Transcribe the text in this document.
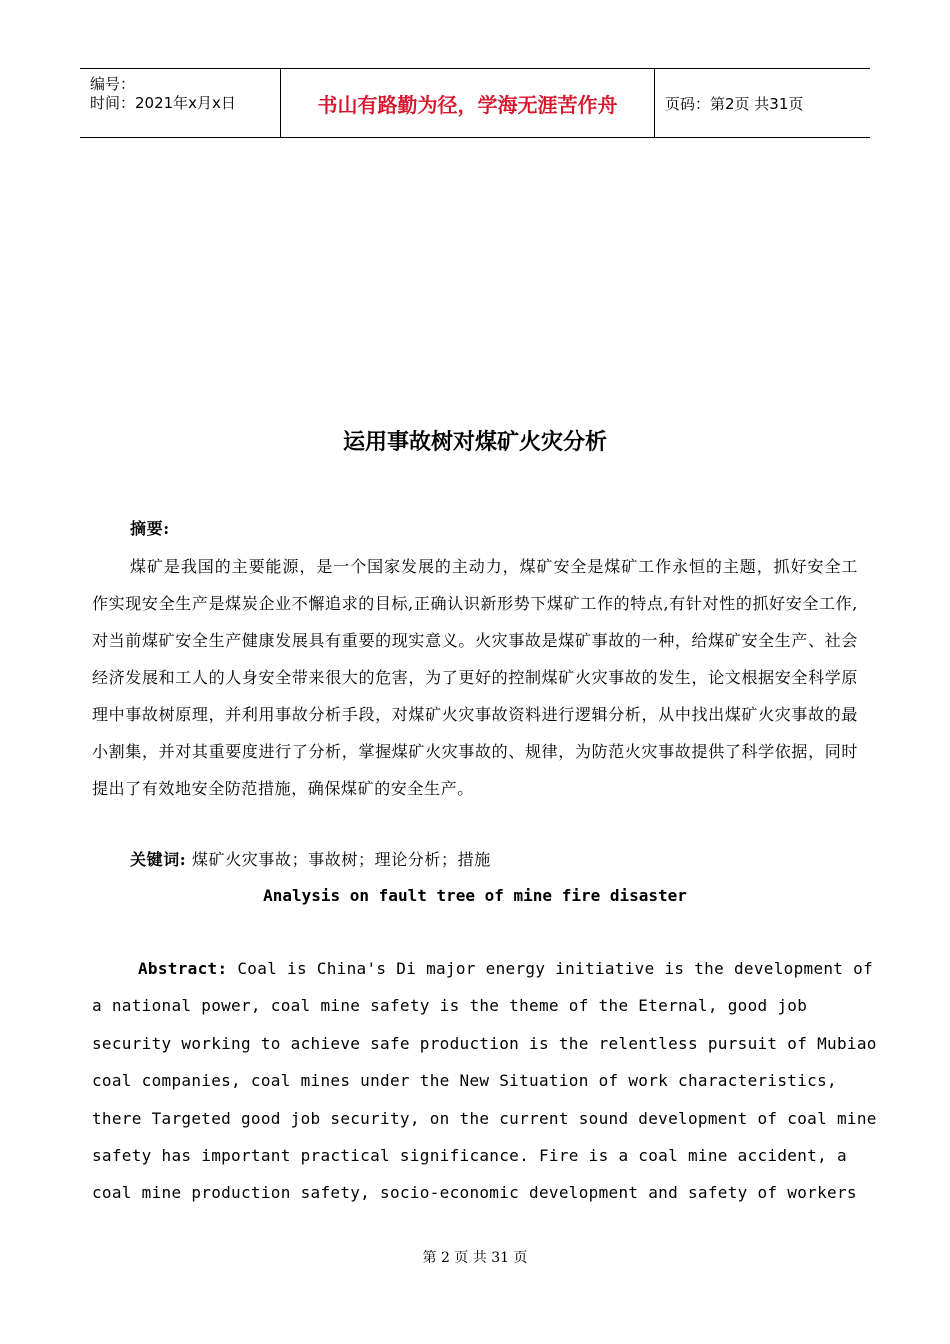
编号：
时间：2021年x月x日	书山有路勤为径，学海无涯苦作舟	页码：第2页 共31页
运用事故树对煤矿火灾分析
摘要:
煤矿是我国的主要能源，是一个国家发展的主动力，煤矿安全是煤矿工作永恒的主题，抓好安全工作实现安全生产是煤炭企业不懈追求的目标,正确认识新形势下煤矿工作的特点,有针对性的抓好安全工作,对当前煤矿安全生产健康发展具有重要的现实意义。火灾事故是煤矿事故的一种，给煤矿安全生产、社会经济发展和工人的人身安全带来很大的危害，为了更好的控制煤矿火灾事故的发生，论文根据安全科学原理中事故树原理，并利用事故分析手段，对煤矿火灾事故资料进行逻辑分析，从中找出煤矿火灾事故的最小割集，并对其重要度进行了分析，掌握煤矿火灾事故的、规律，为防范火灾事故提供了科学依据，同时提出了有效地安全防范措施，确保煤矿的安全生产。
关键词: 煤矿火灾事故；事故树；理论分析；措施
Analysis on fault tree of mine fire disaster
Abstract: Coal is China's Di major energy initiative is the development of
a national power, coal mine safety is the theme of the Eternal, good job
security working to achieve safe production is the relentless pursuit of Mubiao
coal companies, coal mines under the New Situation of work characteristics,
there Targeted good job security, on the current sound development of coal mine
safety has important practical significance. Fire is a coal mine accident, a
coal mine production safety, socio-economic development and safety of workers
第 2 页 共 31 页
